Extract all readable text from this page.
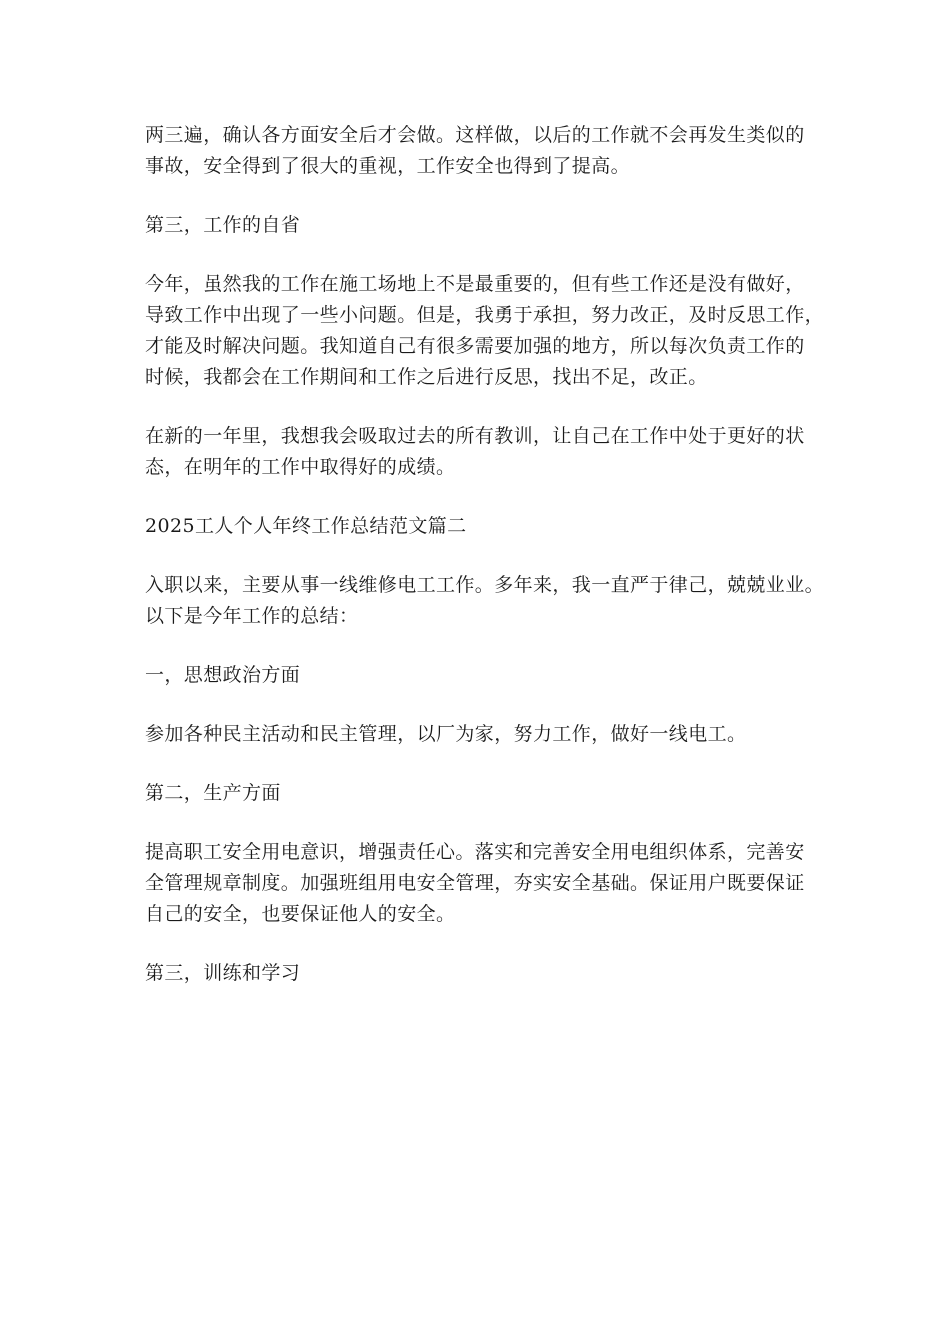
两三遍，确认各方面安全后才会做。这样做，以后的工作就不会再发生类似的
事故，安全得到了很大的重视，工作安全也得到了提高。

第三，工作的自省

今年，虽然我的工作在施工场地上不是最重要的，但有些工作还是没有做好，
导致工作中出现了一些小问题。但是，我勇于承担，努力改正，及时反思工作，
才能及时解决问题。我知道自己有很多需要加强的地方，所以每次负责工作的
时候，我都会在工作期间和工作之后进行反思，找出不足，改正。

在新的一年里，我想我会吸取过去的所有教训，让自己在工作中处于更好的状
态，在明年的工作中取得好的成绩。

2025工人个人年终工作总结范文篇二

入职以来，主要从事一线维修电工工作。多年来，我一直严于律己，兢兢业业。
以下是今年工作的总结：

一，思想政治方面

参加各种民主活动和民主管理，以厂为家，努力工作，做好一线电工。

第二，生产方面

提高职工安全用电意识，增强责任心。落实和完善安全用电组织体系，完善安
全管理规章制度。加强班组用电安全管理，夯实安全基础。保证用户既要保证
自己的安全，也要保证他人的安全。

第三，训练和学习
